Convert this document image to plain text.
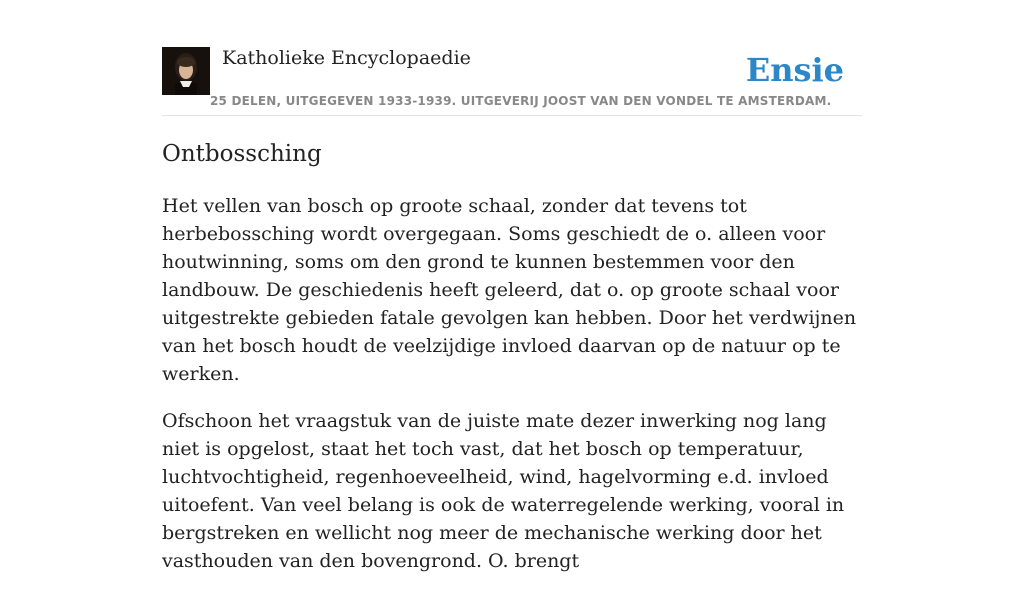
Katholieke Encyclopaedie
25 DELEN, UITGEGEVEN 1933-1939. UITGEVERIJ JOOST VAN DEN VONDEL TE AMSTERDAM.
Ensie
Ontbossching

Het vellen van bosch op groote schaal, zonder dat tevens tot herbebossching wordt overgegaan. Soms geschiedt de o. alleen voor houtwinning, soms om den grond te kunnen bestemmen voor den landbouw. De geschiedenis heeft geleerd, dat o. op groote schaal voor uitgestrekte gebieden fatale gevolgen kan hebben. Door het verdwijnen van het bosch houdt de veelzijdige invloed daarvan op de natuur op te werken.

Ofschoon het vraagstuk van de juiste mate dezer inwerking nog lang niet is opgelost, staat het toch vast, dat het bosch op temperatuur, luchtvochtigheid, regenhoeveelheid, wind, hagelvorming e.d. invloed uitoefent. Van veel belang is ook de waterregelende werking, vooral in bergstreken en wellicht nog meer de mechanische werking door het vasthouden van den bovengrond. O. brengt
